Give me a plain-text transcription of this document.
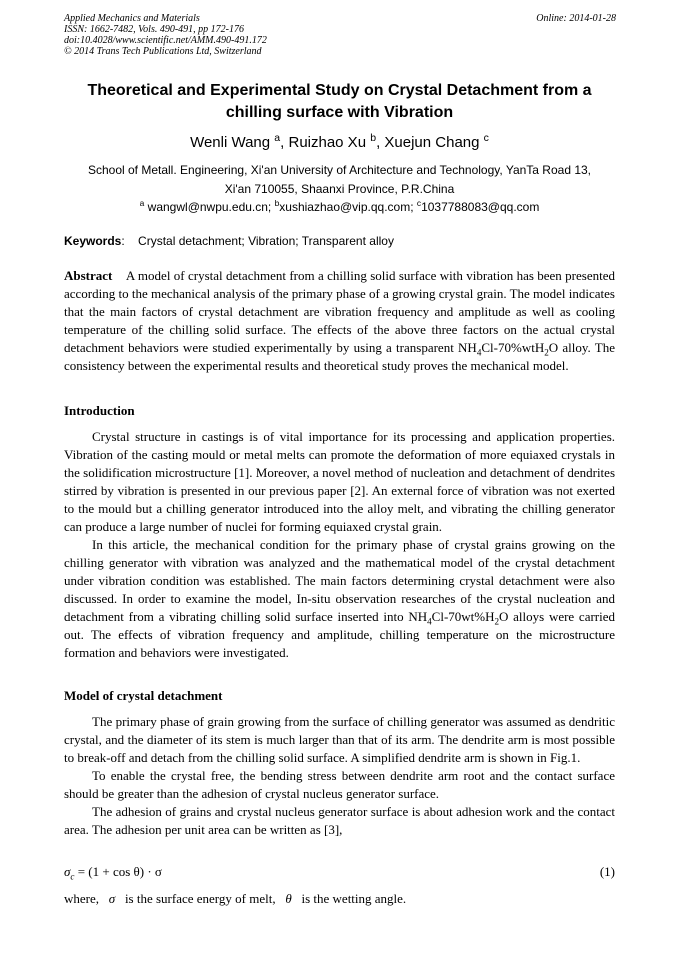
Applied Mechanics and Materials
ISSN: 1662-7482, Vols. 490-491, pp 172-176
doi:10.4028/www.scientific.net/AMM.490-491.172
© 2014 Trans Tech Publications Ltd, Switzerland
Online: 2014-01-28
Theoretical and Experimental Study on Crystal Detachment from a chilling surface with Vibration
Wenli Wang $^a$, Ruizhao Xu $^b$, Xuejun Chang $^c$
School of Metall. Engineering, Xi'an University of Architecture and Technology, YanTa Road 13,
Xi'an 710055, Shaanxi Province, P.R.China
$^a$ wangwl@nwpu.edu.cn; $^b$xushiazhao@vip.qq.com; $^c$1037788083@qq.com
Keywords: Crystal detachment; Vibration; Transparent alloy

Abstract A model of crystal detachment from a chilling solid surface with vibration has been presented according to the mechanical analysis of the primary phase of a growing crystal grain. The model indicates that the main factors of crystal detachment are vibration frequency and amplitude as well as cooling temperature of the chilling solid surface. The effects of the above three factors on the actual crystal detachment behaviors were studied experimentally by using a transparent $NH_4Cl-70\%wtH_2O$ alloy. The consistency between the experimental results and theoretical study proves the mechanical model.

Introduction

Crystal structure in castings is of vital importance for its processing and application properties. Vibration of the casting mould or metal melts can promote the deformation of more equiaxed crystals in the solidification microstructure [1]. Moreover, a novel method of nucleation and detachment of dendrites stirred by vibration is presented in our previous paper [2]. An external force of vibration was not exerted to the mould but a chilling generator introduced into the alloy melt, and vibrating the chilling generator can produce a large number of nuclei for forming equiaxed crystal grain.

In this article, the mechanical condition for the primary phase of crystal grains growing on the chilling generator with vibration was analyzed and the mathematical model of the crystal detachment under vibration condition was established. The main factors determining crystal detachment were also discussed. In order to examine the model, In-situ observation researches of the crystal nucleation and detachment from a vibrating chilling solid surface inserted into $NH_4Cl-70wt\%H_2O$ alloys were carried out. The effects of vibration frequency and amplitude, chilling temperature on the microstructure formation and behaviors were investigated.

Model of crystal detachment

The primary phase of grain growing from the surface of chilling generator was assumed as dendritic crystal, and the diameter of its stem is much larger than that of its arm. The dendrite arm is most possible to break-off and detach from the chilling solid surface. A simplified dendrite arm is shown in Fig.1.

To enable the crystal free, the bending stress between dendrite arm root and the contact surface should be greater than the adhesion of crystal nucleus generator surface.

The adhesion of grains and crystal nucleus generator surface is about adhesion work and the contact area. The adhesion per unit area can be written as [3],

$\sigma_c = (1 + \cos \theta) \cdot \sigma$	(1)
where, σ is the surface energy of melt, θ is the wetting angle.
